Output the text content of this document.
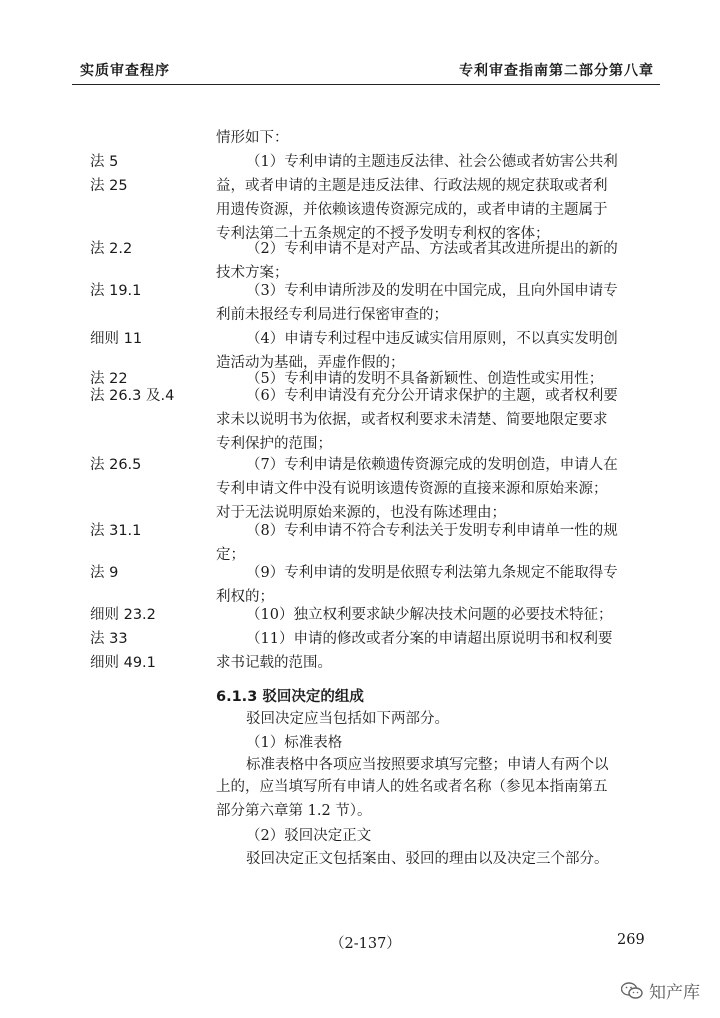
实质审查程序	专利审查指南第二部分第八章
情形如下：
（1）专利申请的主题违反法律、社会公德或者妨害公共利
益，或者申请的主题是违反法律、行政法规的规定获取或者利
用遗传资源，并依赖该遗传资源完成的，或者申请的主题属于
专利法第二十五条规定的不授予发明专利权的客体；
（2）专利申请不是对产品、方法或者其改进所提出的新的
技术方案；
（3）专利申请所涉及的发明在中国完成，且向外国申请专
利前未报经专利局进行保密审查的；
（4）申请专利过程中违反诚实信用原则，不以真实发明创
造活动为基础，弄虚作假的；
（5）专利申请的发明不具备新颖性、创造性或实用性；
（6）专利申请没有充分公开请求保护的主题，或者权利要
求未以说明书为依据，或者权利要求未清楚、简要地限定要求
专利保护的范围；
（7）专利申请是依赖遗传资源完成的发明创造，申请人在
专利申请文件中没有说明该遗传资源的直接来源和原始来源；
对于无法说明原始来源的，也没有陈述理由；
（8）专利申请不符合专利法关于发明专利申请单一性的规
定；
（9）专利申请的发明是依照专利法第九条规定不能取得专
利权的；
（10）独立权利要求缺少解决技术问题的必要技术特征；
（11）申请的修改或者分案的申请超出原说明书和权利要
求书记载的范围。
法 5
法 25
法 2.2
法 19.1
细则 11
法 22
法 26.3 及.4
法 26.5
法 31.1
法 9
细则 23.2
法 33
细则 49.1
6.1.3 驳回决定的组成
驳回决定应当包括如下两部分。
（1）标准表格
标准表格中各项应当按照要求填写完整；申请人有两个以
上的，应当填写所有申请人的姓名或者名称（参见本指南第五
部分第六章第 1.2 节）。
（2）驳回决定正文
驳回决定正文包括案由、驳回的理由以及决定三个部分。
（2-137）	269
知产库
